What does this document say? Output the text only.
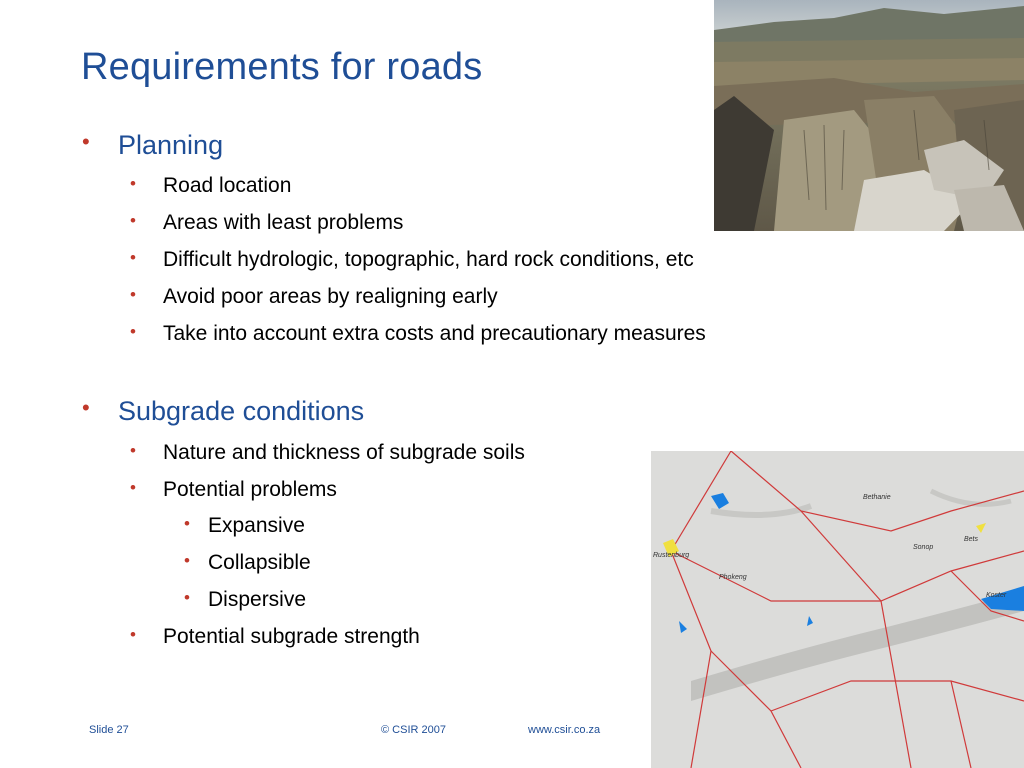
Requirements for roads
• Planning
• Road location
• Areas with least problems
• Difficult hydrologic, topographic, hard rock conditions, etc
• Avoid poor areas by realigning early
• Take into account extra costs and precautionary measures
• Subgrade conditions
• Nature and thickness of subgrade soils
• Potential problems
• Expansive
• Collapsible
• Dispersive
• Potential subgrade strength
Bethanie
Rustenburg
Sonop
Bets
Phokeng
Koster
Slide 27	© CSIR 2007	www.csir.co.za
